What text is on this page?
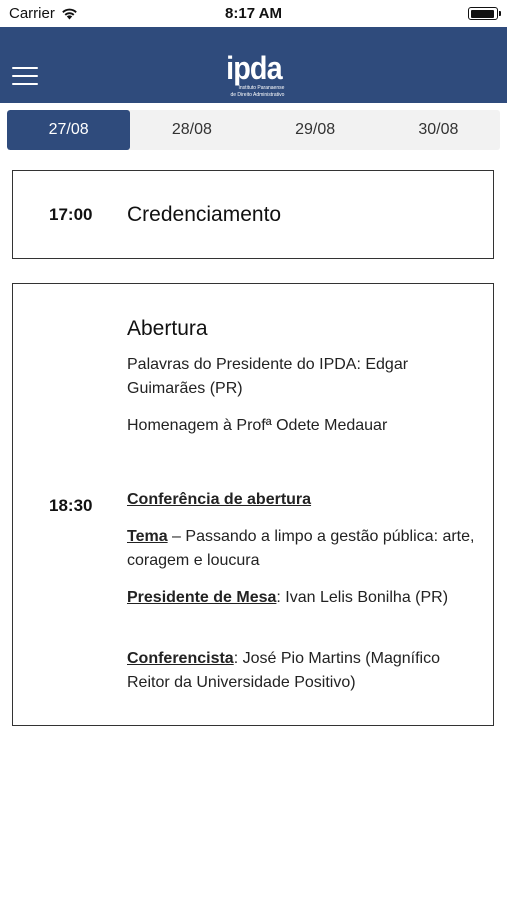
Carrier	8:17 AM
ipda
Instituto Paranaense
de Direito Administrativo
27/08	28/08	29/08	30/08
17:00	Credenciamento
18:30
Abertura
Palavras do Presidente do IPDA: Edgar Guimarães (PR)
Homenagem à Profª Odete Medauar
Conferência de abertura
Tema – Passando a limpo a gestão pública: arte, coragem e loucura
Presidente de Mesa: Ivan Lelis Bonilha (PR)
Conferencista: José Pio Martins (Magnífico Reitor da Universidade Positivo)
